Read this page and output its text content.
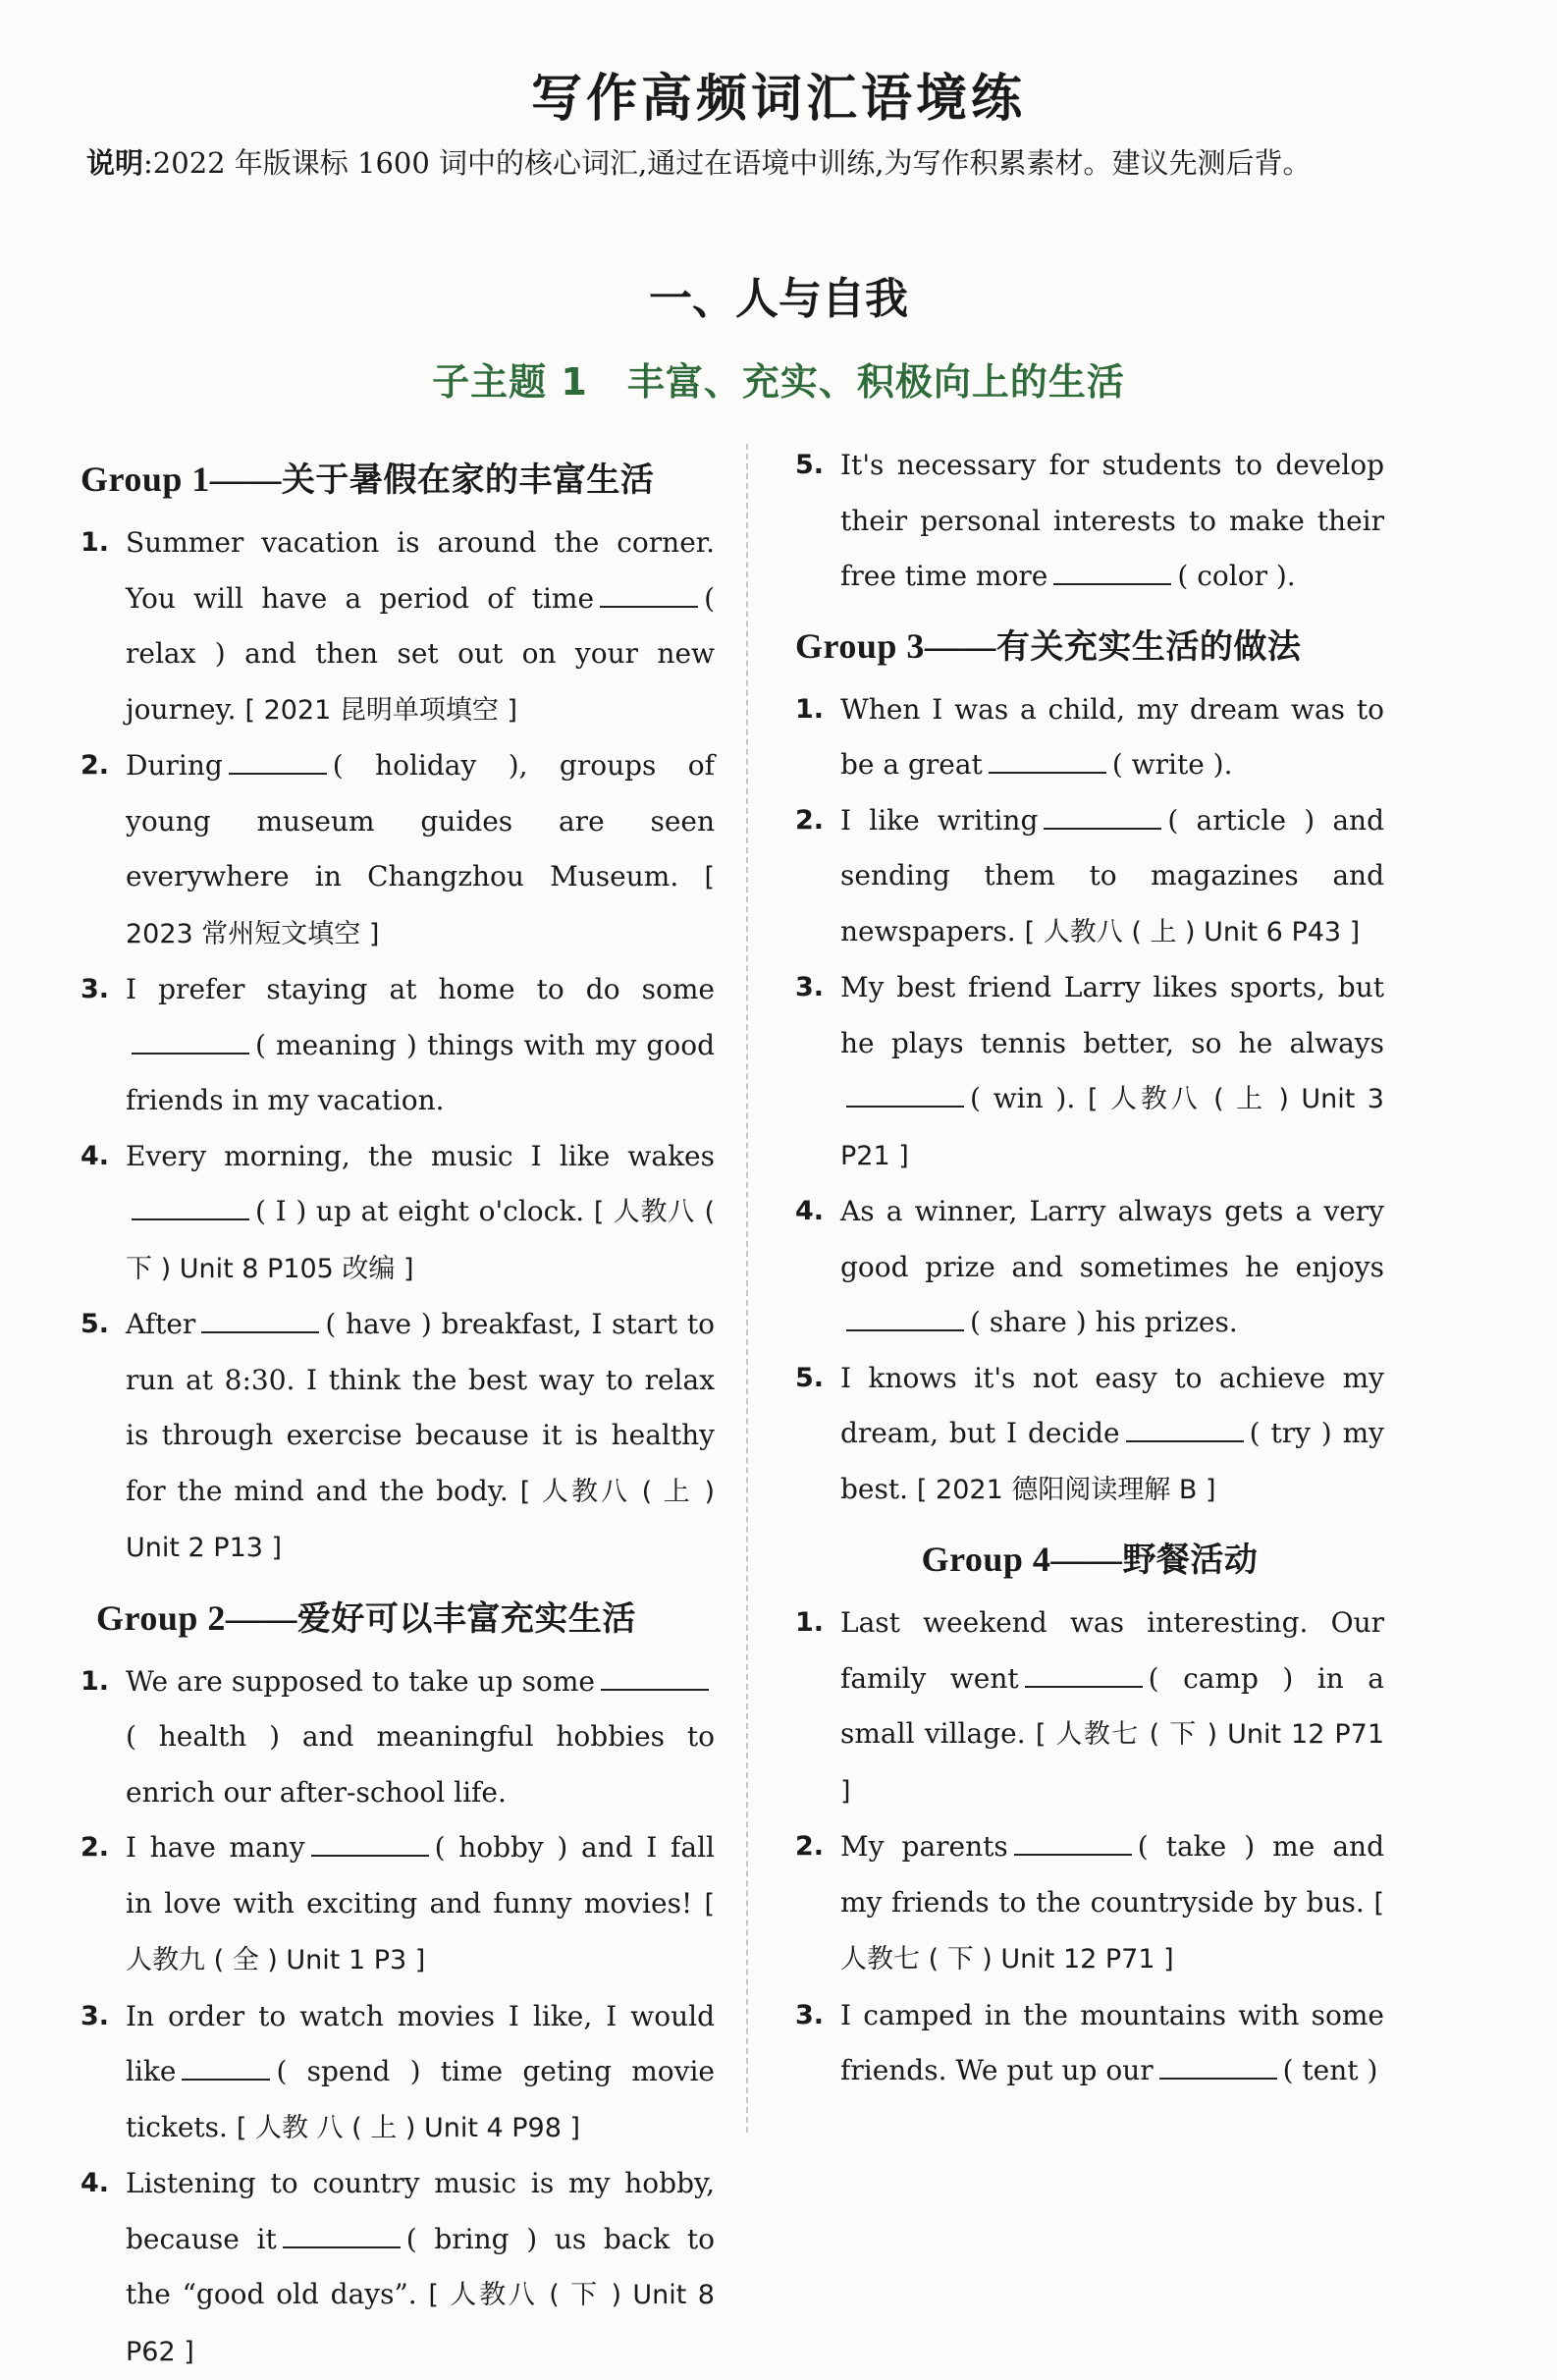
写作高频词汇语境练
说明:2022 年版课标 1600 词中的核心词汇,通过在语境中训练,为写作积累素材。建议先测后背。
一、人与自我
子主题 1 丰富、充实、积极向上的生活
Group 1——关于暑假在家的丰富生活
1. Summer vacation is around the corner. You will have a period of time	( relax ) and then set out on your new journey. [ 2021 昆明单项填空 ]
2. During	( holiday ), groups of young museum guides are seen everywhere in Changzhou Museum. [ 2023 常州短文填空 ]
3. I prefer staying at home to do some( meaning ) things with my good friends in my vacation.
4. Every morning, the music I like wakes( I ) up at eight o'clock. [ 人教八 ( 下 ) Unit 8 P105 改编 ]
5. After	( have ) breakfast, I start to run at 8:30. I think the best way to relax is through exercise because it is healthy for the mind and the body. [ 人教八 ( 上 ) Unit 2 P13 ]
Group 2——爱好可以丰富充实生活
1. We are supposed to take up some( health ) and meaningful hobbies to enrich our after-school life.
2. I have many	( hobby ) and I fall in love with exciting and funny movies! [ 人教九 ( 全 ) Unit 1 P3 ]
3. In order to watch movies I like, I would like	( spend ) time geting movie tickets. [ 人教 八 ( 上 ) Unit 4 P98 ]
4. Listening to country music is my hobby, because it	( bring ) us back to the “good old days”. [ 人教八 ( 下 ) Unit 8 P62 ]
5. It's necessary for students to develop their personal interests to make their free time more	( color ).
Group 3——有关充实生活的做法
1. When I was a child, my dream was to be a great	( write ).
2. I like writing	( article ) and sending them to magazines and newspapers. [ 人教八 ( 上 ) Unit 6 P43 ]
3. My best friend Larry likes sports, but he plays tennis better, so he always( win ). [ 人教八 ( 上 ) Unit 3 P21 ]
4. As a winner, Larry always gets a very good prize and sometimes he enjoys( share ) his prizes.
5. I knows it's not easy to achieve my dream, but I decide	( try ) my best. [ 2021 德阳阅读理解 B ]
Group 4——野餐活动
1. Last weekend was interesting. Our family went	( camp ) in a small village. [ 人教七 ( 下 ) Unit 12 P71 ]
2. My parents	( take ) me and my friends to the countryside by bus. [ 人教七 ( 下 ) Unit 12 P71 ]
3. I camped in the mountains with some friends. We put up our	( tent )
